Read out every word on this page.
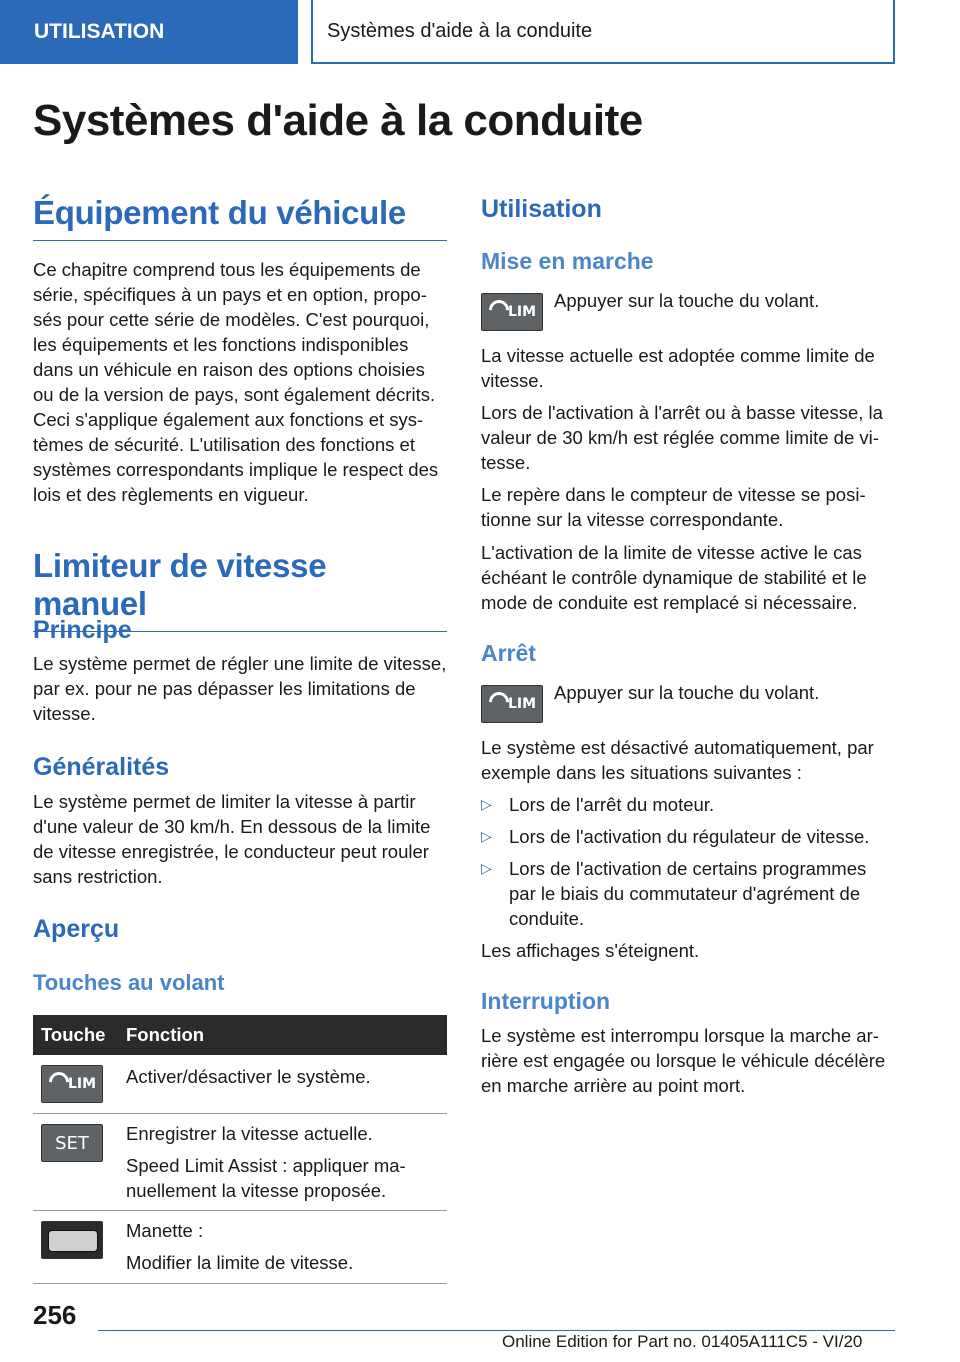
UTILISATION	Systèmes d'aide à la conduite
Systèmes d'aide à la conduite
Équipement du véhicule

Ce chapitre comprend tous les équipements de série, spécifiques à un pays et en option, proposés pour cette série de modèles. C'est pourquoi, les équipements et les fonctions indisponibles dans un véhicule en raison des options choisies ou de la version de pays, sont également décrits. Ceci s'applique également aux fonctions et systèmes de sécurité. L'utilisation des fonctions et systèmes correspondants implique le respect des lois et des règlements en vigueur.

Limiteur de vitesse manuel
Principe

Le système permet de régler une limite de vitesse, par ex. pour ne pas dépasser les limitations de vitesse.

Généralités

Le système permet de limiter la vitesse à partir d'une valeur de 30 km/h. En dessous de la limite de vitesse enregistrée, le conducteur peut rouler sans restriction.

Aperçu
Touches au volant
Touche Fonction
LIM Activer/désactiver le système.

SET	Enregistrer la vitesse actuelle.

Speed Limit Assist : appliquer manuellement la vitesse proposée.

Manette :

Modifier la limite de vitesse.

Utilisation
Mise en marche
LIM

Appuyer sur la touche du volant.

La vitesse actuelle est adoptée comme limite de vitesse.

Lors de l'activation à l'arrêt ou à basse vitesse, la valeur de 30 km/h est réglée comme limite de vitesse.

Le repère dans le compteur de vitesse se positionne sur la vitesse correspondante.

L'activation de la limite de vitesse active le cas échéant le contrôle dynamique de stabilité et le mode de conduite est remplacé si nécessaire.

Arrêt
LIM

Appuyer sur la touche du volant.

Le système est désactivé automatiquement, par exemple dans les situations suivantes :

▷ Lors de l'arrêt du moteur.
▷ Lors de l'activation du régulateur de vitesse.
▷ Lors de l'activation de certains programmes par le biais du commutateur d'agrément de conduite.

Les affichages s'éteignent.

Interruption

Le système est interrompu lorsque la marche arrière est engagée ou lorsque le véhicule décélère en marche arrière au point mort.

256
Online Edition for Part no. 01405A111C5 - VI/20
